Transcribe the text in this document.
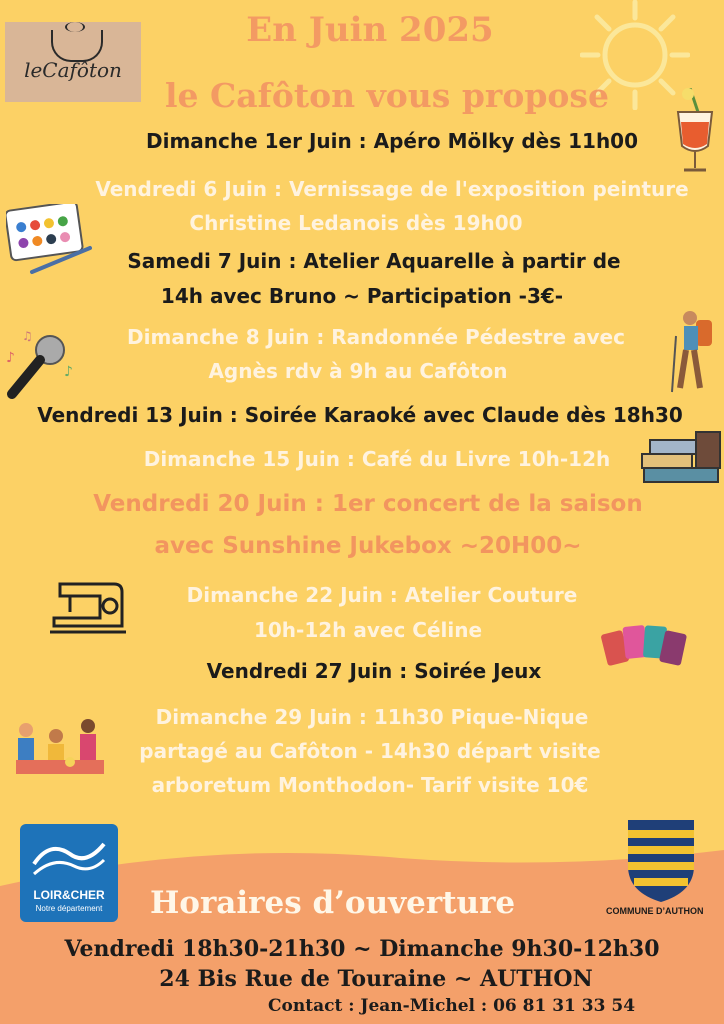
leCafôton
En Juin 2025
le Cafôton vous propose
Dimanche 1er Juin : Apéro Mölky dès 11h00
Vendredi 6 Juin : Vernissage de l'exposition peinture
Christine Ledanois dès 19h00
Samedi 7 Juin : Atelier Aquarelle à partir de
14h avec Bruno ~ Participation -3€-
♪
♪
♫	Dimanche 8 Juin : Randonnée Pédestre avec
Agnès rdv à 9h au Cafôton
Vendredi 13 Juin : Soirée Karaoké avec Claude dès 18h30
Dimanche 15 Juin : Café du Livre 10h-12h
Vendredi 20 Juin : 1er concert de la saison
avec Sunshine Jukebox ~20H00~
Dimanche 22 Juin : Atelier Couture
10h-12h avec Céline
Vendredi 27 Juin : Soirée Jeux
Dimanche 29 Juin : 11h30 Pique-Nique
partagé au Cafôton - 14h30 départ visite
arboretum Monthodon- Tarif visite 10€
LOIR&CHER
Notre département	COMMUNE D’AUTHON
Horaires d’ouverture
Vendredi 18h30-21h30 ~ Dimanche 9h30-12h30
24 Bis Rue de Touraine ~ AUTHON
Contact : Jean-Michel : 06 81 31 33 54
